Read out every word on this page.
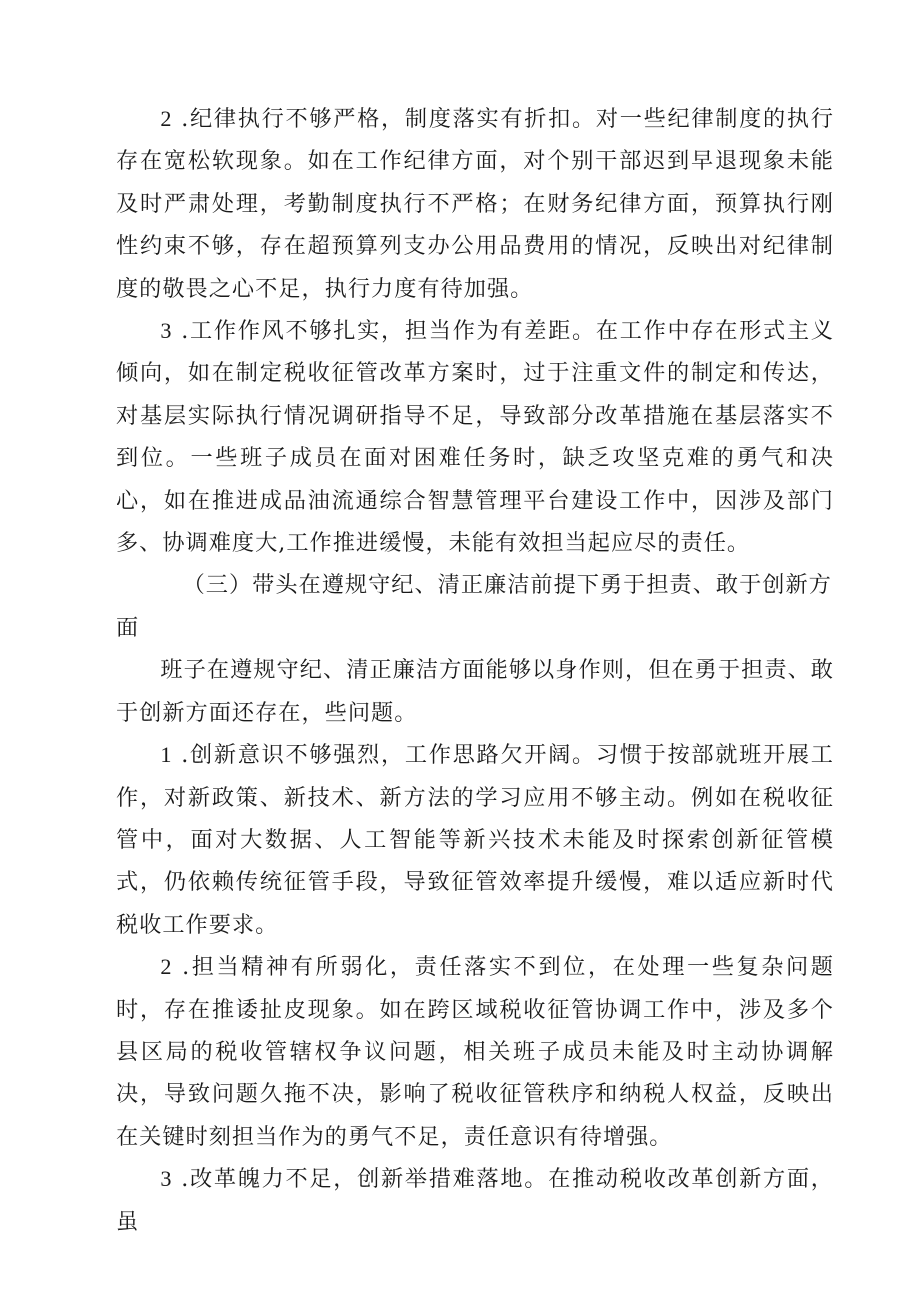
2 .纪律执行不够严格，制度落实有折扣。对一些纪律制度的执行存在宽松软现象。如在工作纪律方面，对个别干部迟到早退现象未能及时严肃处理，考勤制度执行不严格；在财务纪律方面，预算执行刚性约束不够，存在超预算列支办公用品费用的情况，反映出对纪律制度的敬畏之心不足，执行力度有待加强。

3 .工作作风不够扎实，担当作为有差距。在工作中存在形式主义倾向，如在制定税收征管改革方案时，过于注重文件的制定和传达，对基层实际执行情况调研指导不足，导致部分改革措施在基层落实不到位。一些班子成员在面对困难任务时，缺乏攻坚克难的勇气和决心，如在推进成品油流通综合智慧管理平台建设工作中，因涉及部门多、协调难度大,工作推进缓慢，未能有效担当起应尽的责任。

（三）带头在遵规守纪、清正廉洁前提下勇于担责、敢于创新方面

班子在遵规守纪、清正廉洁方面能够以身作则，但在勇于担责、敢于创新方面还存在，些问题。

1 .创新意识不够强烈，工作思路欠开阔。习惯于按部就班开展工作，对新政策、新技术、新方法的学习应用不够主动。例如在税收征管中，面对大数据、人工智能等新兴技术未能及时探索创新征管模式，仍依赖传统征管手段，导致征管效率提升缓慢，难以适应新时代税收工作要求。

2 .担当精神有所弱化，责任落实不到位，在处理一些复杂问题时，存在推诿扯皮现象。如在跨区域税收征管协调工作中，涉及多个县区局的税收管辖权争议问题，相关班子成员未能及时主动协调解决，导致问题久拖不决，影响了税收征管秩序和纳税人权益，反映出在关键时刻担当作为的勇气不足，责任意识有待增强。

3 .改革魄力不足，创新举措难落地。在推动税收改革创新方面，虽
